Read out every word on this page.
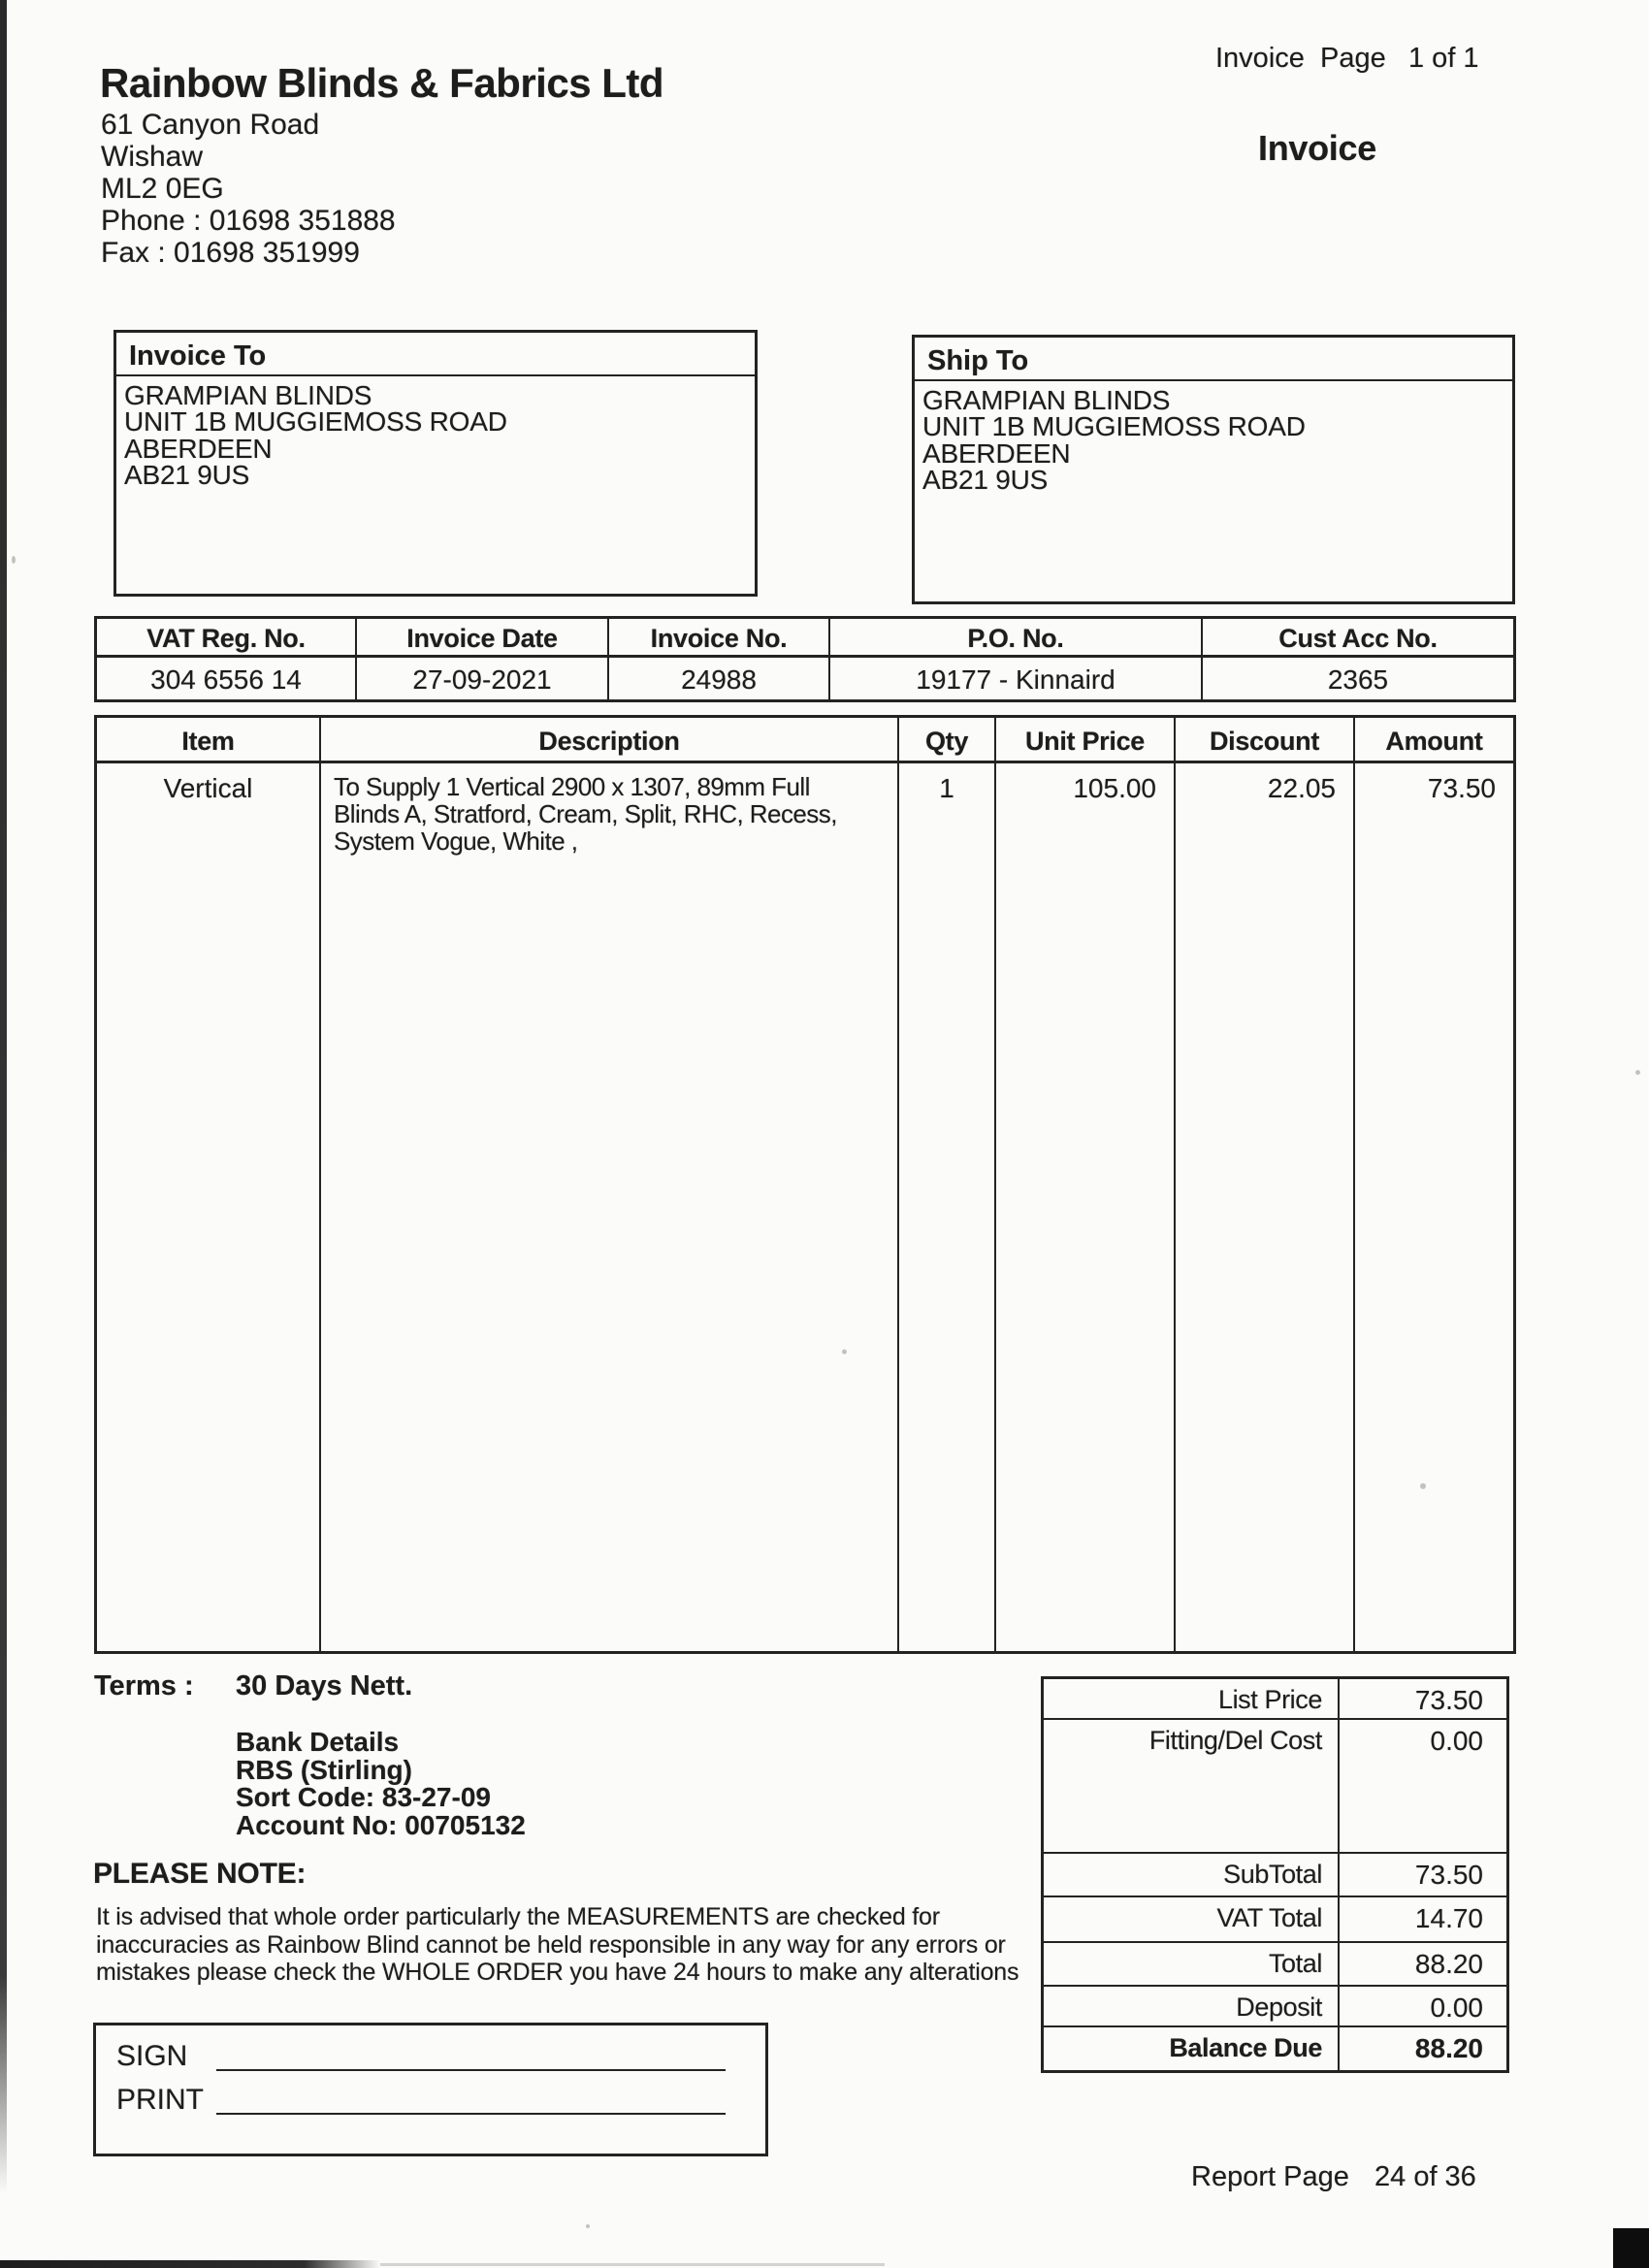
Rainbow Blinds & Fabrics Ltd
61 Canyon Road
Wishaw
ML2 0EG
Phone : 01698 351888
Fax : 01698 351999
Invoice  Page 1 of 1
Invoice
Invoice To
GRAMPIAN BLINDS
UNIT 1B MUGGIEMOSS ROAD
ABERDEEN
AB21 9US
Ship To
GRAMPIAN BLINDS
UNIT 1B MUGGIEMOSS ROAD
ABERDEEN
AB21 9US
VAT Reg. No.	Invoice Date	Invoice No.	P.O. No.	Cust Acc No.
304 6556 14	27-09-2021	24988	19177 - Kinnaird	2365
Item	Description	Qty	Unit Price	Discount	Amount
Vertical	To Supply 1 Vertical 2900 x 1307, 89mm Full
Blinds A, Stratford, Cream, Split, RHC, Recess,
System Vogue, White ,
1	105.00	22.05	73.50
Terms : 30 Days Nett.
Bank Details
RBS (Stirling)
Sort Code: 83-27-09
Account No: 00705132
PLEASE NOTE:
It is advised that whole order particularly the MEASUREMENTS are checked for
inaccuracies as Rainbow Blind cannot be held responsible in any way for any errors or
mistakes please check the WHOLE ORDER you have 24 hours to make any alterations
List Price	73.50
Fitting/Del Cost	0.00
SubTotal	73.50
VAT Total	14.70
Total	88.20
Deposit	0.00
Balance Due	88.20
SIGN
PRINT
Report Page 24 of 36
